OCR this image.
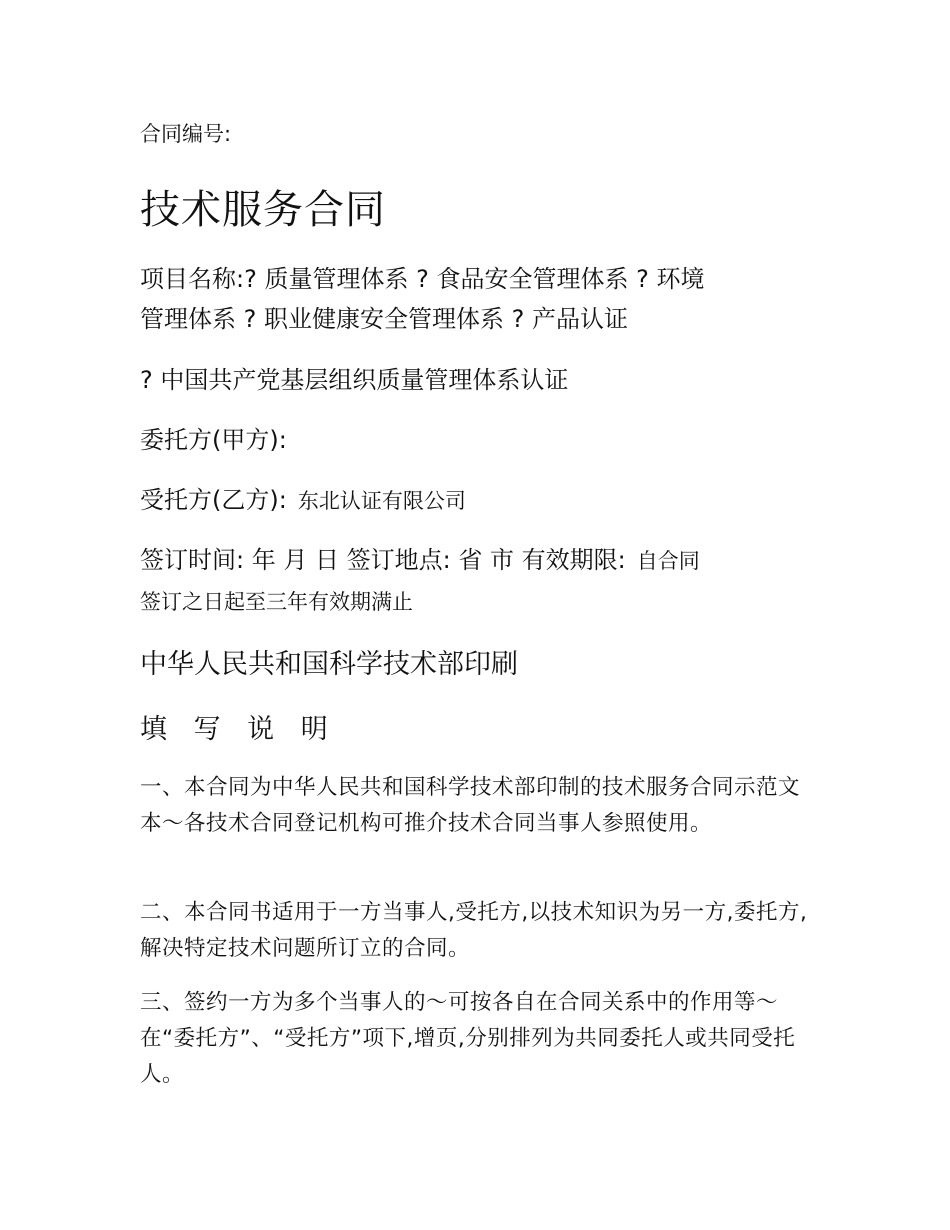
合同编号:
技术服务合同
项目名称:? 质量管理体系 ? 食品安全管理体系 ? 环境
管理体系 ? 职业健康安全管理体系 ? 产品认证
? 中国共产党基层组织质量管理体系认证
委托方(甲方):
受托方(乙方): 东北认证有限公司
签订时间: 年 月 日 签订地点: 省 市 有效期限: 自合同
签订之日起至三年有效期满止
中华人民共和国科学技术部印刷
填 写 说 明
一、本合同为中华人民共和国科学技术部印制的技术服务合同示范文本～各技术合同登记机构可推介技术合同当事人参照使用。
二、本合同书适用于一方当事人,受托方,以技术知识为另一方,委托方,解决特定技术问题所订立的合同。
三、签约一方为多个当事人的～可按各自在合同关系中的作用等～在“委托方”、“受托方”项下,增页,分别排列为共同委托人或共同受托人。
